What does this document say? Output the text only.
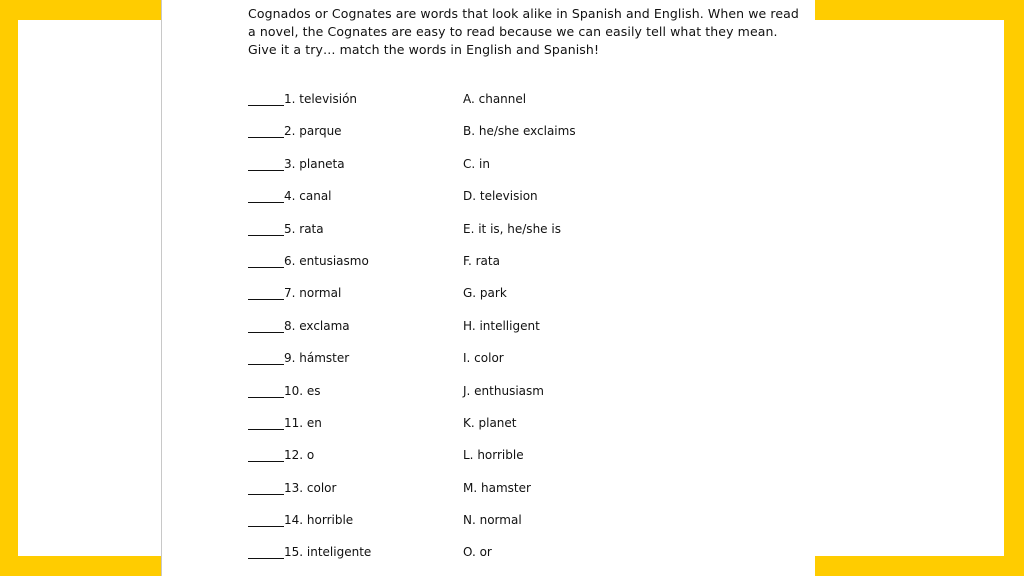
Cognados or Cognates are words that look alike in Spanish and English. When we read a novel, the Cognates are easy to read because we can easily tell what they mean. Give it a try… match the words in English and Spanish!

1. televisión	A. channel
2. parque	B. he/she exclaims
3. planeta	C. in
4. canal	D. television
5. rata	E. it is, he/she is
6. entusiasmo	F. rata
7. normal	G. park
8. exclama	H. intelligent
9. hámster	I. color
10. es	J. enthusiasm
11. en	K. planet
12. o	L. horrible
13. color	M. hamster
14. horrible	N. normal
15. inteligente	O. or
